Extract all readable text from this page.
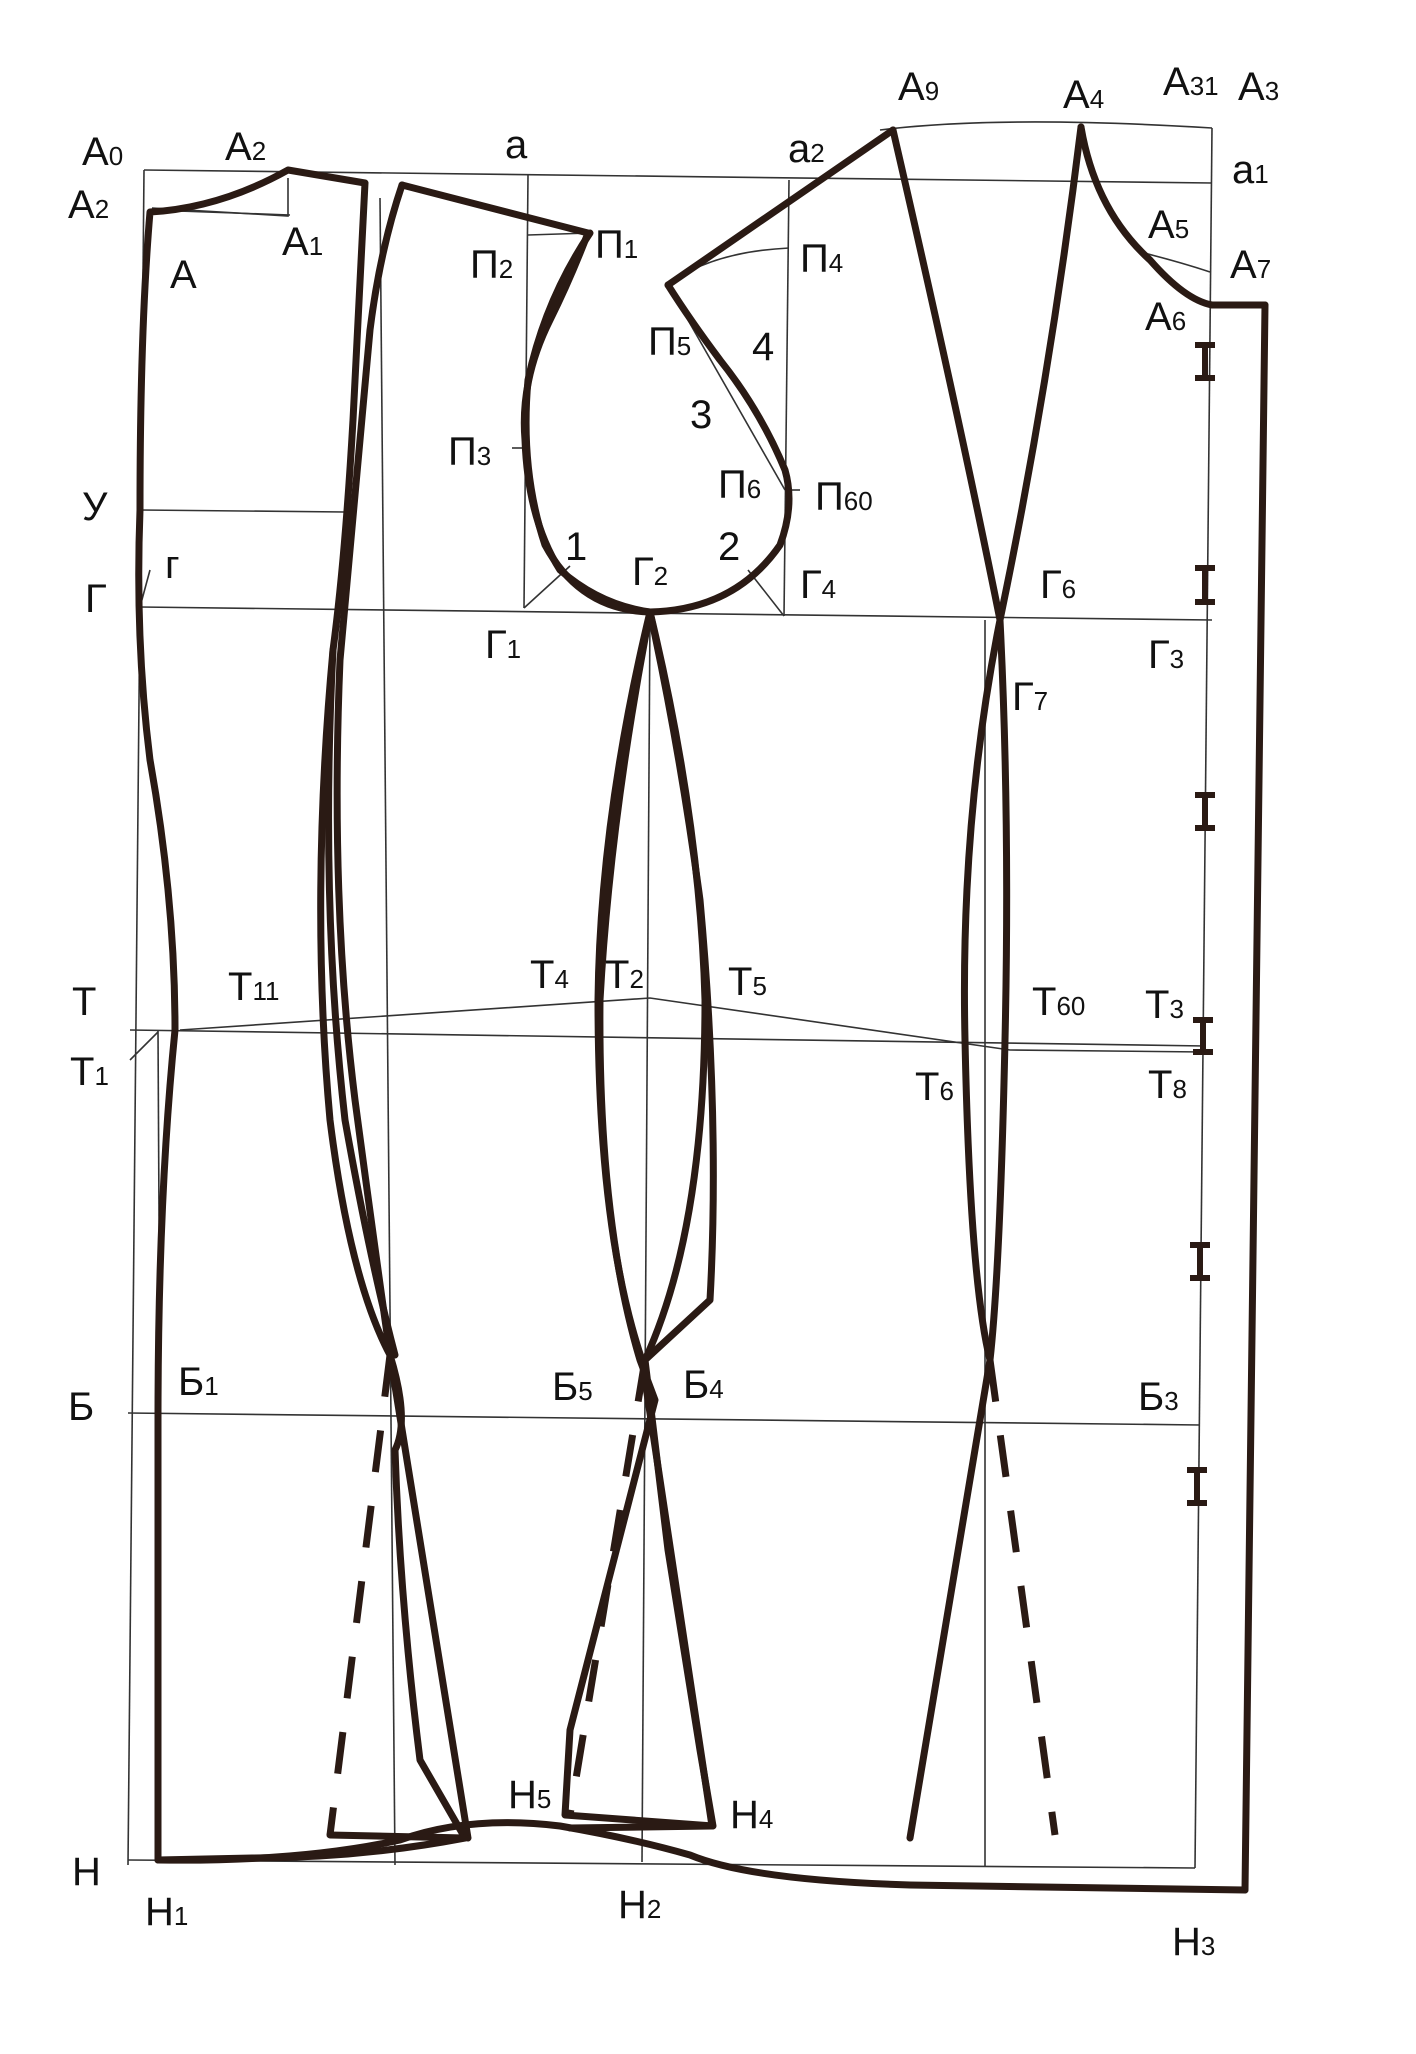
А0	А2
А2
А
А1
а	а2
А9	А4 А31 А3
а1
А5
А7
А6
П1
П2
П3
П4
П5
П6 П60
1	2
3
4
У
Г
г
Г1
Г2
Г3
Г4	Г6
Г7
Т
Т1
Т11	Т4 Т2 Т5	Т60 Т3
Т6	Т8
Б
Б1	Б5 Б4	Б3
Н
Н1	Н2
Н3
Н4
Н5
